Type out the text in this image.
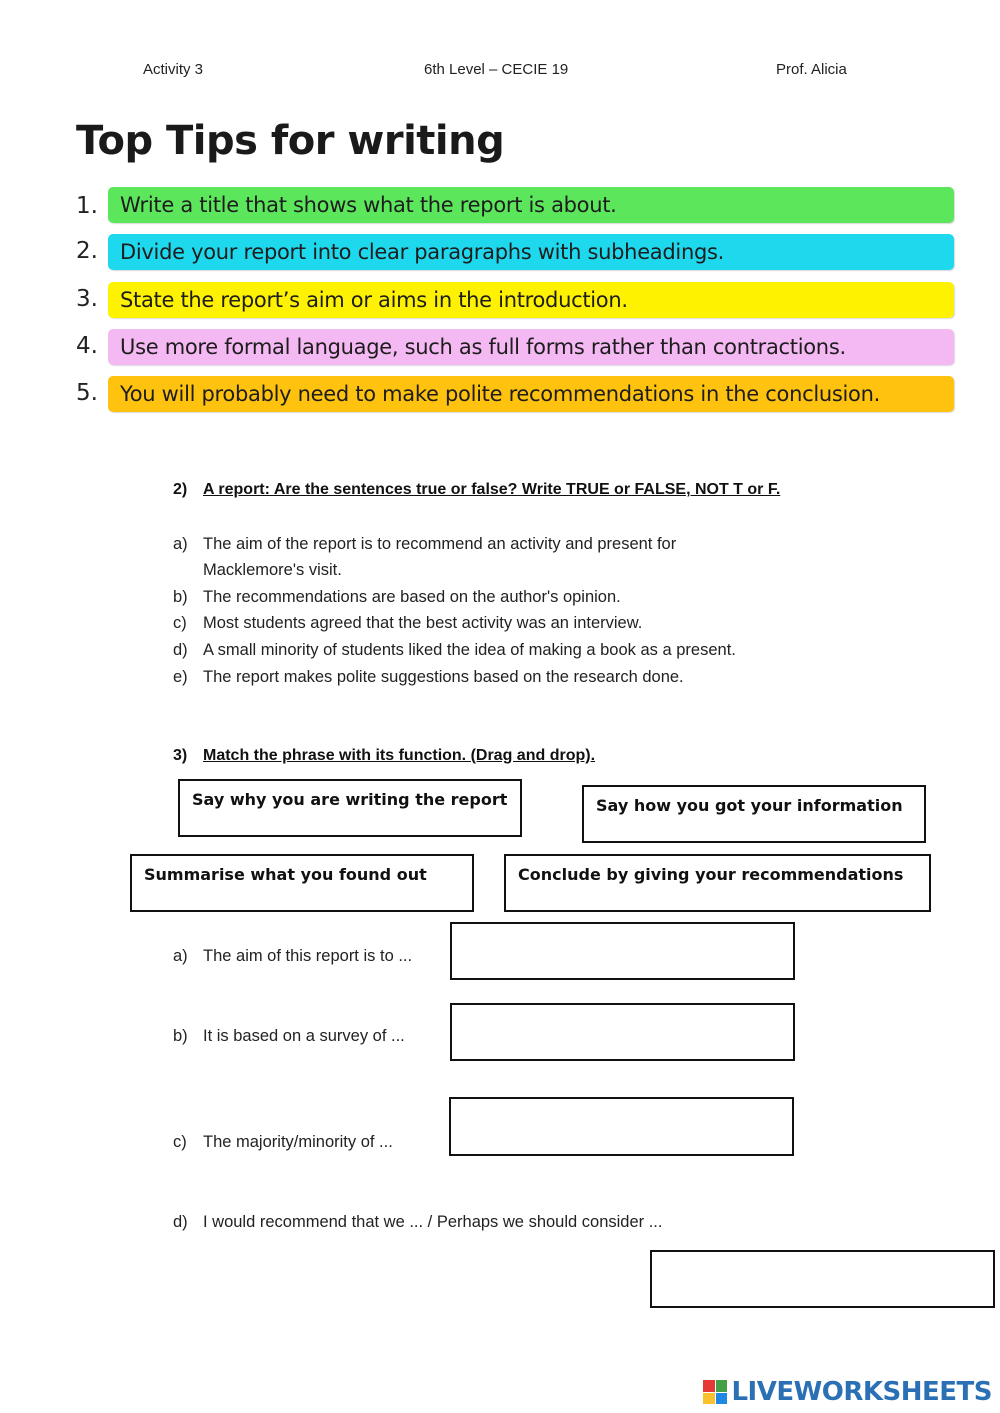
Activity 3	6th Level – CECIE 19	Prof. Alicia
Top Tips for writing
1.	Write a title that shows what the report is about.
2.	Divide your report into clear paragraphs with subheadings.
3.	State the report’s aim or aims in the introduction.
4.	Use more formal language, such as full forms rather than contractions.
5.	You will probably need to make polite recommendations in the conclusion.
2) A report: Are the sentences true or false? Write TRUE or FALSE, NOT T or F.
a) The aim of the report is to recommend an activity and present for
Macklemore's visit.
b) The recommendations are based on the author's opinion.
c) Most students agreed that the best activity was an interview.
d) A small minority of students liked the idea of making a book as a present.
e) The report makes polite suggestions based on the research done.
3) Match the phrase with its function. (Drag and drop).
Say why you are writing the report	Say how you got your information
Summarise what you found out	Conclude by giving your recommendations
a) The aim of this report is to ...
b) It is based on a survey of ...
c) The majority/minority of ...
d) I would recommend that we ... / Perhaps we should consider ...
LIVEWORKSHEETS
